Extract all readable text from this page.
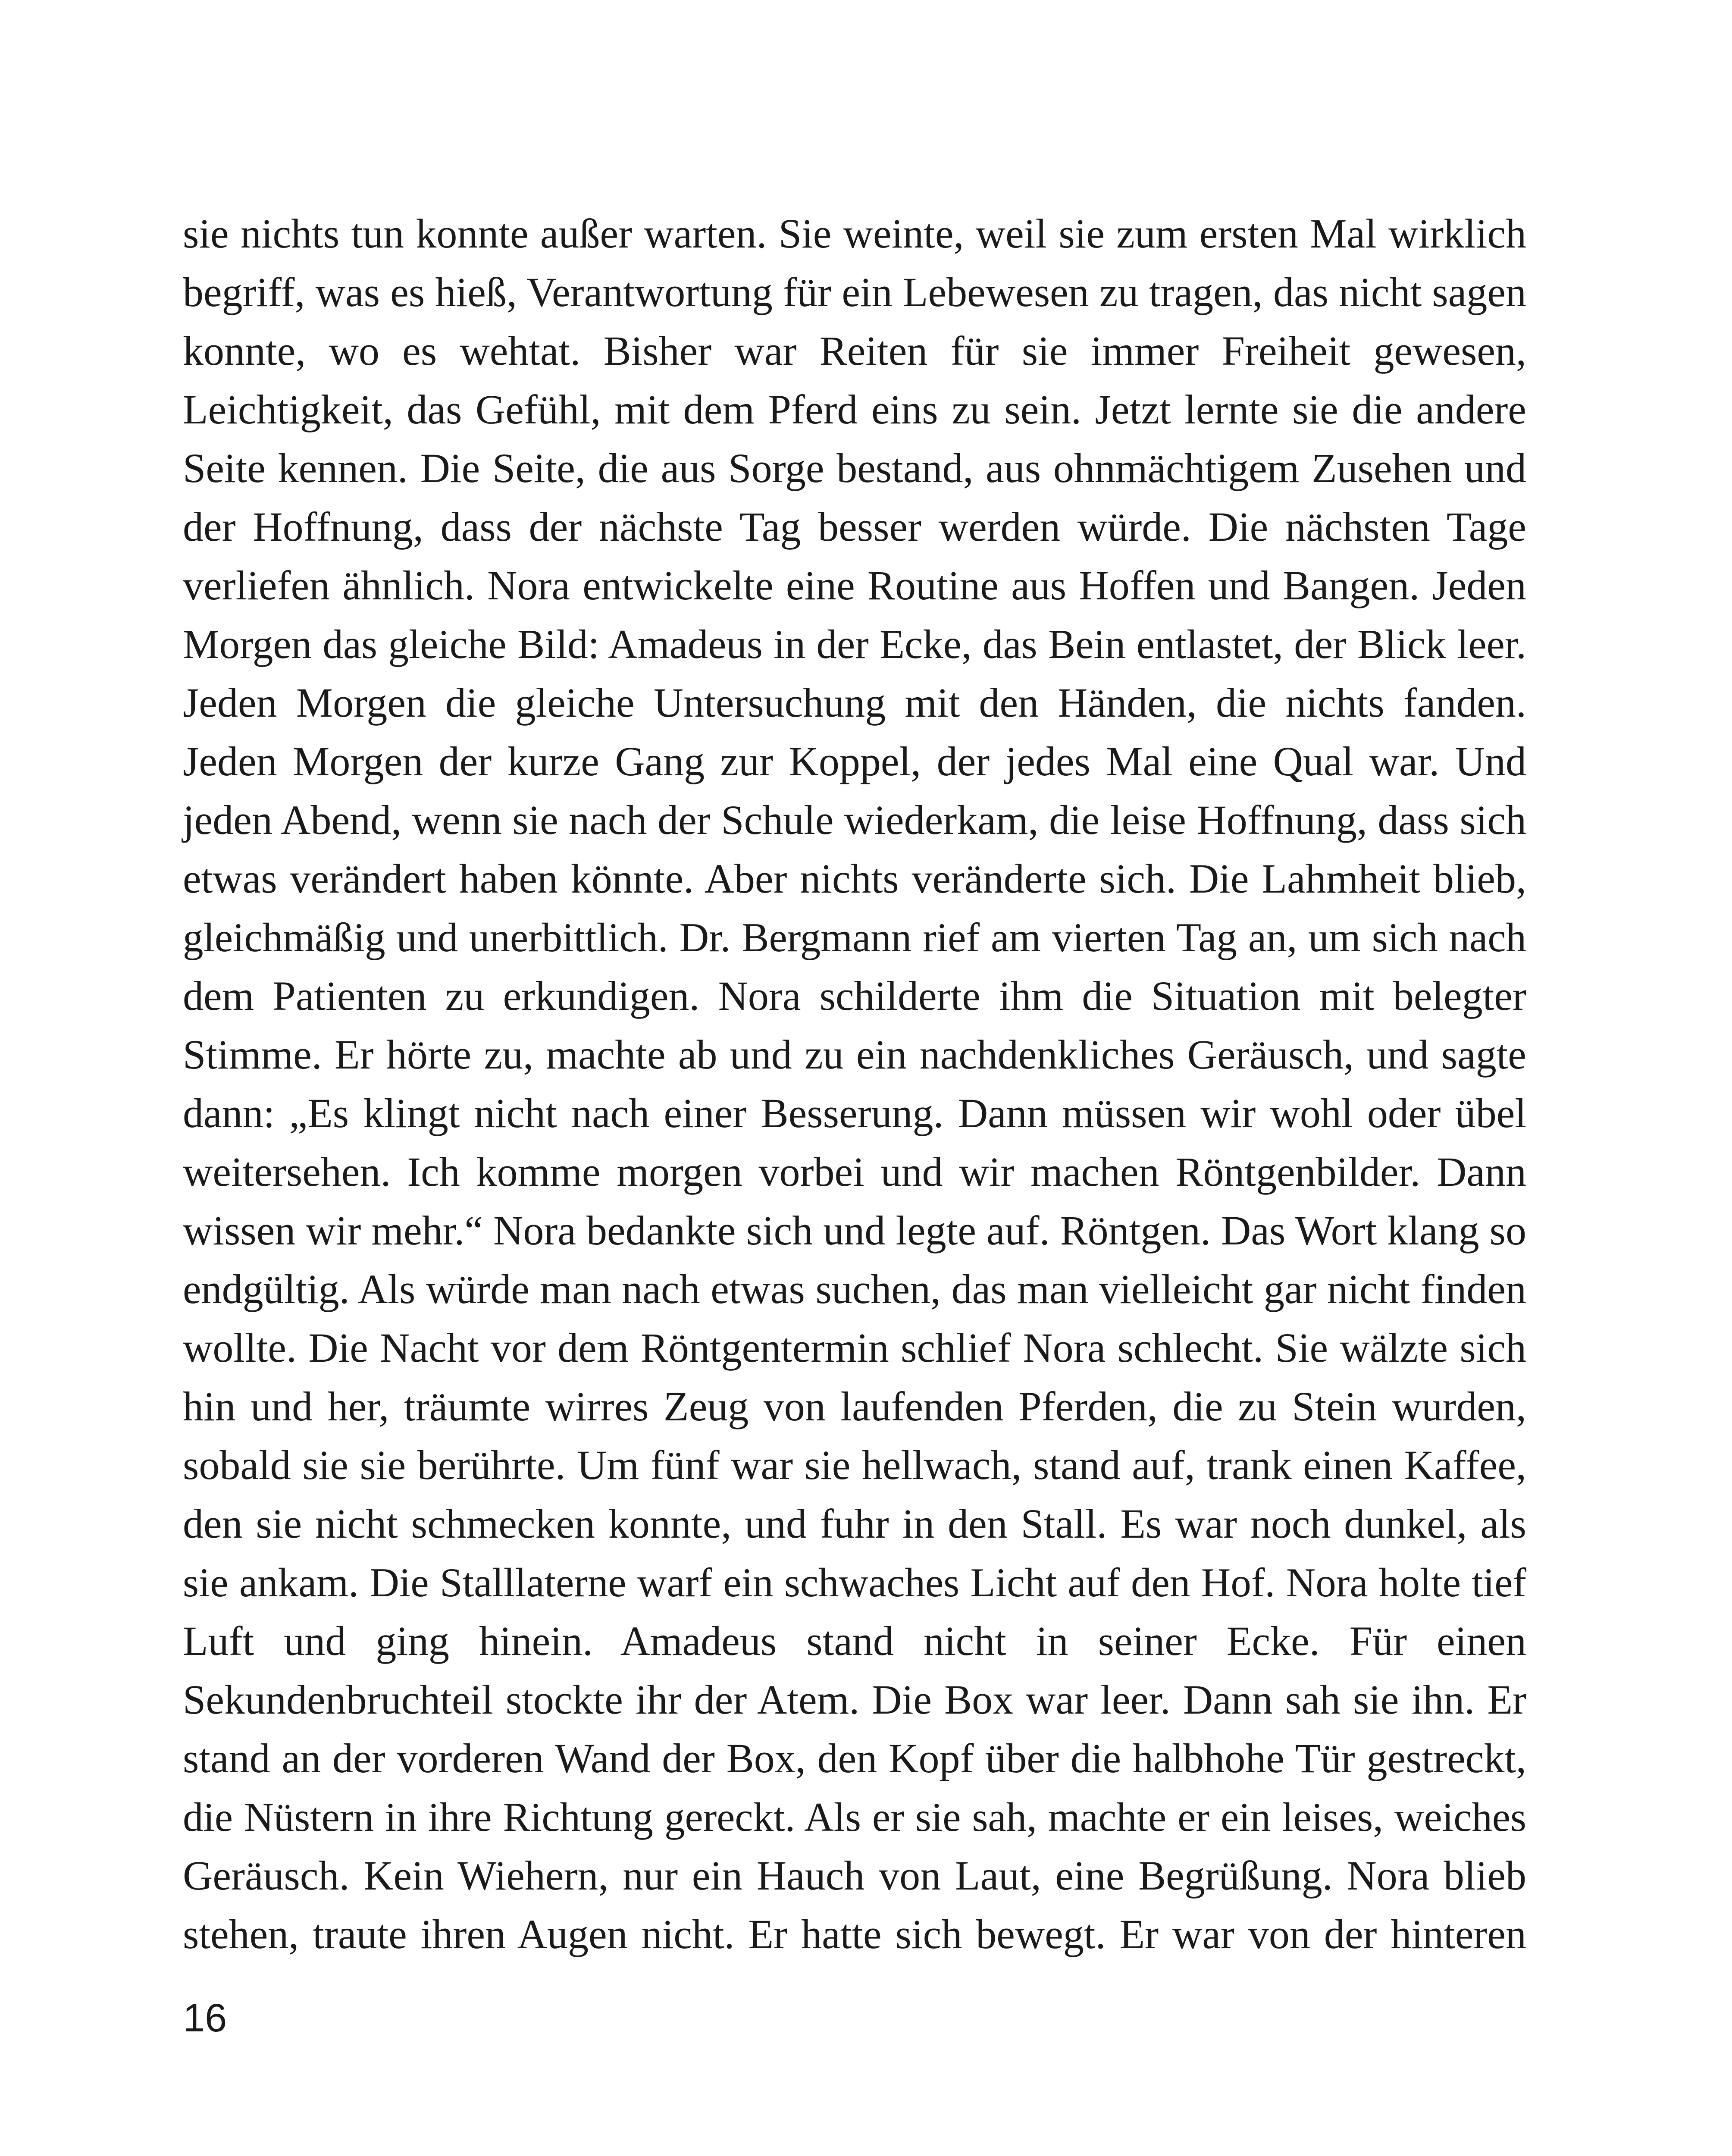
sie nichts tun konnte außer warten. Sie weinte, weil sie zum ersten Mal wirklich
begriff, was es hieß, Verantwortung für ein Lebewesen zu tragen, das nicht sagen
konnte, wo es wehtat. Bisher war Reiten für sie immer Freiheit gewesen,
Leichtigkeit, das Gefühl, mit dem Pferd eins zu sein. Jetzt lernte sie die andere
Seite kennen. Die Seite, die aus Sorge bestand, aus ohnmächtigem Zusehen und
der Hoffnung, dass der nächste Tag besser werden würde. Die nächsten Tage
verliefen ähnlich. Nora entwickelte eine Routine aus Hoffen und Bangen. Jeden
Morgen das gleiche Bild: Amadeus in der Ecke, das Bein entlastet, der Blick leer.
Jeden Morgen die gleiche Untersuchung mit den Händen, die nichts fanden.
Jeden Morgen der kurze Gang zur Koppel, der jedes Mal eine Qual war. Und
jeden Abend, wenn sie nach der Schule wiederkam, die leise Hoffnung, dass sich
etwas verändert haben könnte. Aber nichts veränderte sich. Die Lahmheit blieb,
gleichmäßig und unerbittlich. Dr. Bergmann rief am vierten Tag an, um sich nach
dem Patienten zu erkundigen. Nora schilderte ihm die Situation mit belegter
Stimme. Er hörte zu, machte ab und zu ein nachdenkliches Geräusch, und sagte
dann: „Es klingt nicht nach einer Besserung. Dann müssen wir wohl oder übel
weitersehen. Ich komme morgen vorbei und wir machen Röntgenbilder. Dann
wissen wir mehr.“ Nora bedankte sich und legte auf. Röntgen. Das Wort klang so
endgültig. Als würde man nach etwas suchen, das man vielleicht gar nicht finden
wollte. Die Nacht vor dem Röntgentermin schlief Nora schlecht. Sie wälzte sich
hin und her, träumte wirres Zeug von laufenden Pferden, die zu Stein wurden,
sobald sie sie berührte. Um fünf war sie hellwach, stand auf, trank einen Kaffee,
den sie nicht schmecken konnte, und fuhr in den Stall. Es war noch dunkel, als
sie ankam. Die Stalllaterne warf ein schwaches Licht auf den Hof. Nora holte tief
Luft und ging hinein. Amadeus stand nicht in seiner Ecke. Für einen
Sekundenbruchteil stockte ihr der Atem. Die Box war leer. Dann sah sie ihn. Er
stand an der vorderen Wand der Box, den Kopf über die halbhohe Tür gestreckt,
die Nüstern in ihre Richtung gereckt. Als er sie sah, machte er ein leises, weiches
Geräusch. Kein Wiehern, nur ein Hauch von Laut, eine Begrüßung. Nora blieb
stehen, traute ihren Augen nicht. Er hatte sich bewegt. Er war von der hinteren
16
